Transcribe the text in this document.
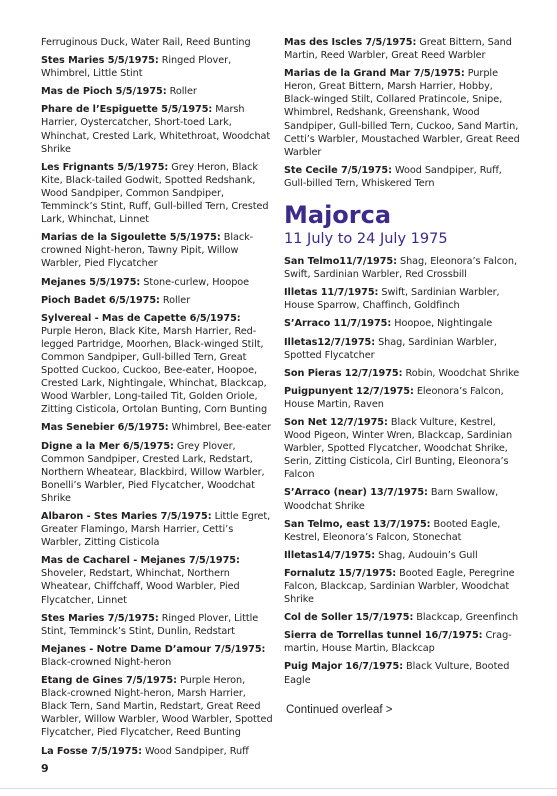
Ferruginous Duck, Water Rail, Reed Bunting
Stes Maries 5/5/1975: Ringed Plover, Whimbrel, Little Stint
Mas de Pioch 5/5/1975: Roller
Phare de l’Espiguette 5/5/1975: Marsh Harrier, Oystercatcher, Short-toed Lark, Whinchat, Crested Lark, Whitethroat, Woodchat Shrike
Les Frignants 5/5/1975: Grey Heron, Black Kite, Black-tailed Godwit, Spotted Redshank, Wood Sandpiper, Common Sandpiper, Temminck’s Stint, Ruff, Gull-billed Tern, Crested Lark, Whinchat, Linnet
Marias de la Sigoulette 5/5/1975: Black-crowned Night-heron, Tawny Pipit, Willow Warbler, Pied Flycatcher
Mejanes 5/5/1975: Stone-curlew, Hoopoe
Pioch Badet 6/5/1975: Roller
Sylvereal - Mas de Capette 6/5/1975: Purple Heron, Black Kite, Marsh Harrier, Red-legged Partridge, Moorhen, Black-winged Stilt, Common Sandpiper, Gull-billed Tern, Great Spotted Cuckoo, Cuckoo, Bee-eater, Hoopoe, Crested Lark, Nightingale, Whinchat, Blackcap, Wood Warbler, Long-tailed Tit, Golden Oriole, Zitting Cisticola, Ortolan Bunting, Corn Bunting
Mas Senebier 6/5/1975: Whimbrel, Bee-eater
Digne a la Mer 6/5/1975: Grey Plover, Common Sandpiper, Crested Lark, Redstart, Northern Wheatear, Blackbird, Willow Warbler, Bonelli’s Warbler, Pied Flycatcher, Woodchat Shrike
Albaron - Stes Maries 7/5/1975: Little Egret, Greater Flamingo, Marsh Harrier, Cetti’s Warbler, Zitting Cisticola
Mas de Cacharel - Mejanes 7/5/1975: Shoveler, Redstart, Whinchat, Northern Wheatear, Chiffchaff, Wood Warbler, Pied Flycatcher, Linnet
Stes Maries 7/5/1975: Ringed Plover, Little Stint, Temminck’s Stint, Dunlin, Redstart
Mejanes - Notre Dame D’amour 7/5/1975: Black-crowned Night-heron
Etang de Gines 7/5/1975: Purple Heron, Black-crowned Night-heron, Marsh Harrier, Black Tern, Sand Martin, Redstart, Great Reed Warbler, Willow Warbler, Wood Warbler, Spotted Flycatcher, Pied Flycatcher, Reed Bunting
La Fosse 7/5/1975: Wood Sandpiper, Ruff
Mas des Iscles 7/5/1975: Great Bittern, Sand Martin, Reed Warbler, Great Reed Warbler
Marias de la Grand Mar 7/5/1975: Purple Heron, Great Bittern, Marsh Harrier, Hobby, Black-winged Stilt, Collared Pratincole, Snipe, Whimbrel, Redshank, Greenshank, Wood Sandpiper, Gull-billed Tern, Cuckoo, Sand Martin, Cetti’s Warbler, Moustached Warbler, Great Reed Warbler
Ste Cecile 7/5/1975: Wood Sandpiper, Ruff, Gull-billed Tern, Whiskered Tern
Majorca
11 July to 24 July 1975
San Telmo11/7/1975: Shag, Eleonora’s Falcon, Swift, Sardinian Warbler, Red Crossbill
Illetas 11/7/1975: Swift, Sardinian Warbler, House Sparrow, Chaffinch, Goldfinch
S’Arraco 11/7/1975: Hoopoe, Nightingale
Illetas12/7/1975: Shag, Sardinian Warbler, Spotted Flycatcher
Son Pieras 12/7/1975: Robin, Woodchat Shrike
Puigpunyent 12/7/1975: Eleonora’s Falcon, House Martin, Raven
Son Net 12/7/1975: Black Vulture, Kestrel, Wood Pigeon, Winter Wren, Blackcap, Sardinian Warbler, Spotted Flycatcher, Woodchat Shrike, Serin, Zitting Cisticola, Cirl Bunting, Eleonora’s Falcon
S’Arraco (near) 13/7/1975: Barn Swallow, Woodchat Shrike
San Telmo, east 13/7/1975: Booted Eagle, Kestrel, Eleonora’s Falcon, Stonechat
Illetas14/7/1975: Shag, Audouin’s Gull
Fornalutz 15/7/1975: Booted Eagle, Peregrine Falcon, Blackcap, Sardinian Warbler, Woodchat Shrike
Col de Soller 15/7/1975: Blackcap, Greenfinch
Sierra de Torrellas tunnel 16/7/1975: Crag-martin, House Martin, Blackcap
Puig Major 16/7/1975: Black Vulture, Booted Eagle
Continued overleaf >
9
